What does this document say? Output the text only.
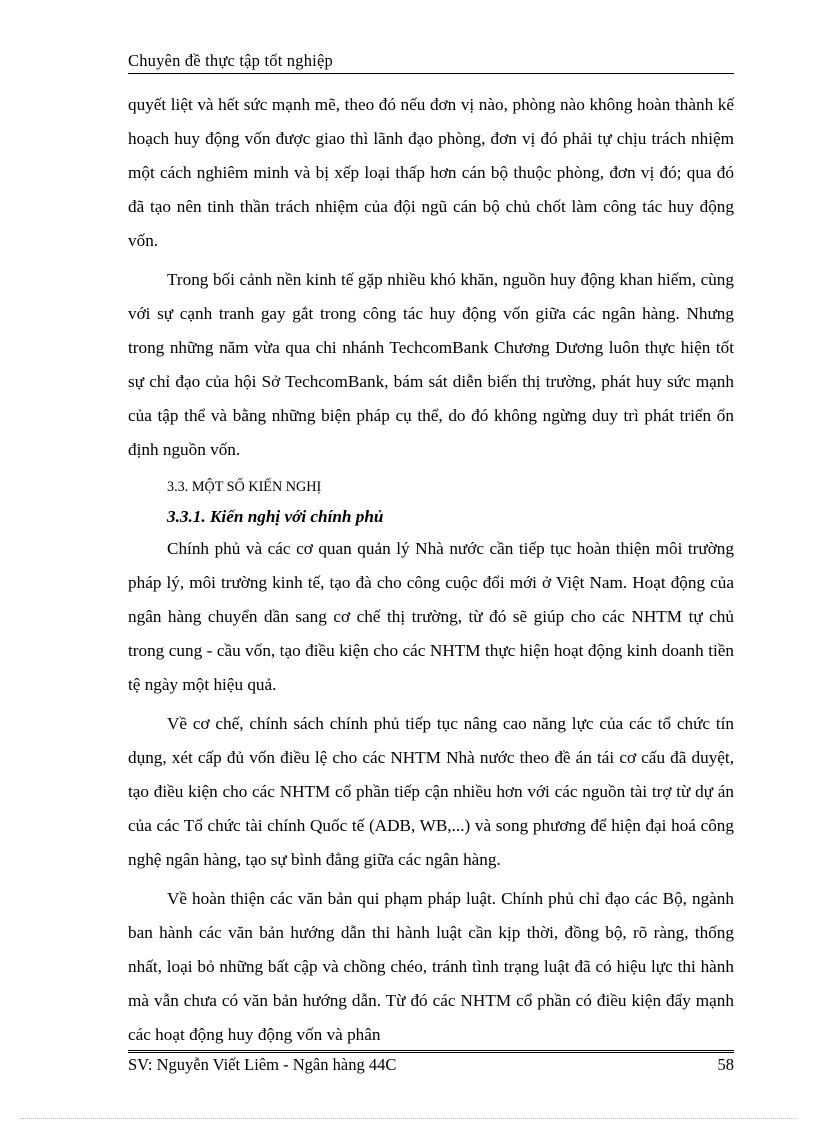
Chuyên đề thực tập tốt nghiệp

quyết liệt và hết sức mạnh mẽ, theo đó nếu đơn vị nào, phòng nào không hoàn thành kế hoạch huy động vốn được giao thì lãnh đạo phòng, đơn vị đó phải tự chịu trách nhiệm một cách nghiêm minh và bị xếp loại thấp hơn cán bộ thuộc phòng, đơn vị đó; qua đó đã tạo nên tinh thần trách nhiệm của đội ngũ cán bộ chủ chốt làm công tác huy động vốn.

Trong bối cảnh nền kinh tế gặp nhiều khó khăn, nguồn huy động khan hiếm, cùng với sự cạnh tranh gay gắt trong công tác huy động vốn giữa các ngân hàng. Nhưng trong những năm vừa qua chi nhánh TechcomBank Chương Dương luôn thực hiện tốt sự chỉ đạo của hội Sở TechcomBank, bám sát diễn biến thị trường, phát huy sức mạnh của tập thể và bằng những biện pháp cụ thể, do đó không ngừng duy trì phát triển ổn định nguồn vốn.

3.3. MỘT SỐ KIẾN NGHỊ

3.3.1. Kiến nghị với chính phủ

Chính phủ và các cơ quan quản lý Nhà nước cần tiếp tục hoàn thiện môi trường pháp lý, môi trường kinh tế, tạo đà cho công cuộc đổi mới ở Việt Nam. Hoạt động của ngân hàng chuyển dần sang cơ chế thị trường, từ đó sẽ giúp cho các NHTM tự chủ trong cung - cầu vốn, tạo điều kiện cho các NHTM thực hiện hoạt động kinh doanh tiền tệ ngày một hiệu quả.

Về cơ chế, chính sách chính phủ tiếp tục nâng cao năng lực của các tổ chức tín dụng, xét cấp đủ vốn điều lệ cho các NHTM Nhà nước theo đề án tái cơ cấu đã duyệt, tạo điều kiện cho các NHTM cổ phần tiếp cận nhiều hơn với các nguồn tài trợ từ dự án của các Tổ chức tài chính Quốc tế (ADB, WB,...) và song phương để hiện đại hoá công nghệ ngân hàng, tạo sự bình đẳng giữa các ngân hàng.

Về hoàn thiện các văn bản qui phạm pháp luật. Chính phủ chỉ đạo các Bộ, ngành ban hành các văn bản hướng dẫn thi hành luật cần kịp thời, đồng bộ, rõ ràng, thống nhất, loại bỏ những bất cập và chồng chéo, tránh tình trạng luật đã có hiệu lực thi hành mà vẫn chưa có văn bản hướng dẫn. Từ đó các NHTM cổ phần có điều kiện đẩy mạnh các hoạt động huy động vốn và phân

SV: Nguyễn Viết Liêm - Ngân hàng 44C	58
